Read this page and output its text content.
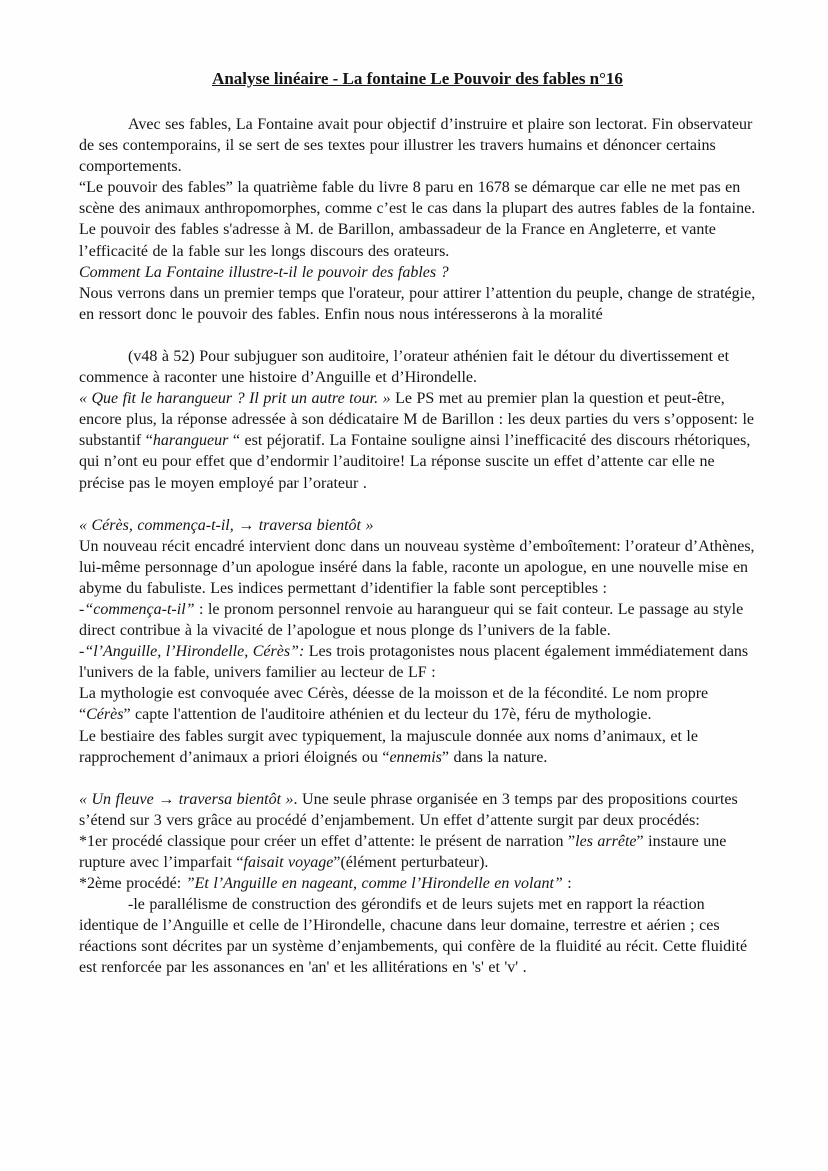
Analyse linéaire - La fontaine Le Pouvoir des fables n°16

Avec ses fables, La Fontaine avait pour objectif d’instruire et plaire son lectorat. Fin observateur de ses contemporains, il se sert de ses textes pour illustrer les travers humains et dénoncer certains comportements.

“Le pouvoir des fables” la quatrième fable du livre 8 paru en 1678 se démarque car elle ne met pas en scène des animaux anthropomorphes, comme c’est le cas dans la plupart des autres fables de la fontaine.

Le pouvoir des fables s'adresse à M. de Barillon, ambassadeur de la France en Angleterre, et vante l’efficacité de la fable sur les longs discours des orateurs.

Comment La Fontaine illustre-t-il le pouvoir des fables ?

Nous verrons dans un premier temps que l'orateur, pour attirer l’attention du peuple, change de stratégie, en ressort donc le pouvoir des fables. Enfin nous nous intéresserons à la moralité

(v48 à 52) Pour subjuguer son auditoire, l’orateur athénien fait le détour du divertissement et commence à raconter une histoire d’Anguille et d’Hirondelle.

« Que fit le harangueur ? Il prit un autre tour. » Le PS met au premier plan la question et peut-être, encore plus, la réponse adressée à son dédicataire M de Barillon : les deux parties du vers s’opposent: le substantif “harangueur “ est péjoratif. La Fontaine souligne ainsi l’inefficacité des discours rhétoriques, qui n’ont eu pour effet que d’endormir l’auditoire! La réponse suscite un effet d’attente car elle ne précise pas le moyen employé par l’orateur .

« Cérès, commença-t-il, → traversa bientôt »

Un nouveau récit encadré intervient donc dans un nouveau système d’emboîtement: l’orateur d’Athènes, lui-même personnage d’un apologue inséré dans la fable, raconte un apologue, en une nouvelle mise en abyme du fabuliste. Les indices permettant d’identifier la fable sont perceptibles :

-“commença-t-il” : le pronom personnel renvoie au harangueur qui se fait conteur. Le passage au style direct contribue à la vivacité de l’apologue et nous plonge ds l’univers de la fable.

-“l’Anguille, l’Hirondelle, Cérès”: Les trois protagonistes nous placent également immédiatement dans l'univers de la fable, univers familier au lecteur de LF :

La mythologie est convoquée avec Cérès, déesse de la moisson et de la fécondité. Le nom propre “Cérès” capte l'attention de l'auditoire athénien et du lecteur du 17è, féru de mythologie.

Le bestiaire des fables surgit avec typiquement, la majuscule donnée aux noms d’animaux, et le rapprochement d’animaux a priori éloignés ou “ennemis” dans la nature.

« Un fleuve → traversa bientôt ». Une seule phrase organisée en 3 temps par des propositions courtes s’étend sur 3 vers grâce au procédé d’enjambement. Un effet d’attente surgit par deux procédés:

*1er procédé classique pour créer un effet d’attente: le présent de narration ”les arrête” instaure une rupture avec l’imparfait “faisait voyage”(élément perturbateur).

*2ème procédé: ”Et l’Anguille en nageant, comme l’Hirondelle en volant” :

-le parallélisme de construction des gérondifs et de leurs sujets met en rapport la réaction identique de l’Anguille et celle de l’Hirondelle, chacune dans leur domaine, terrestre et aérien ; ces réactions sont décrites par un système d’enjambements, qui confère de la fluidité au récit. Cette fluidité est renforcée par les assonances en 'an' et les allitérations en 's' et 'v' .
